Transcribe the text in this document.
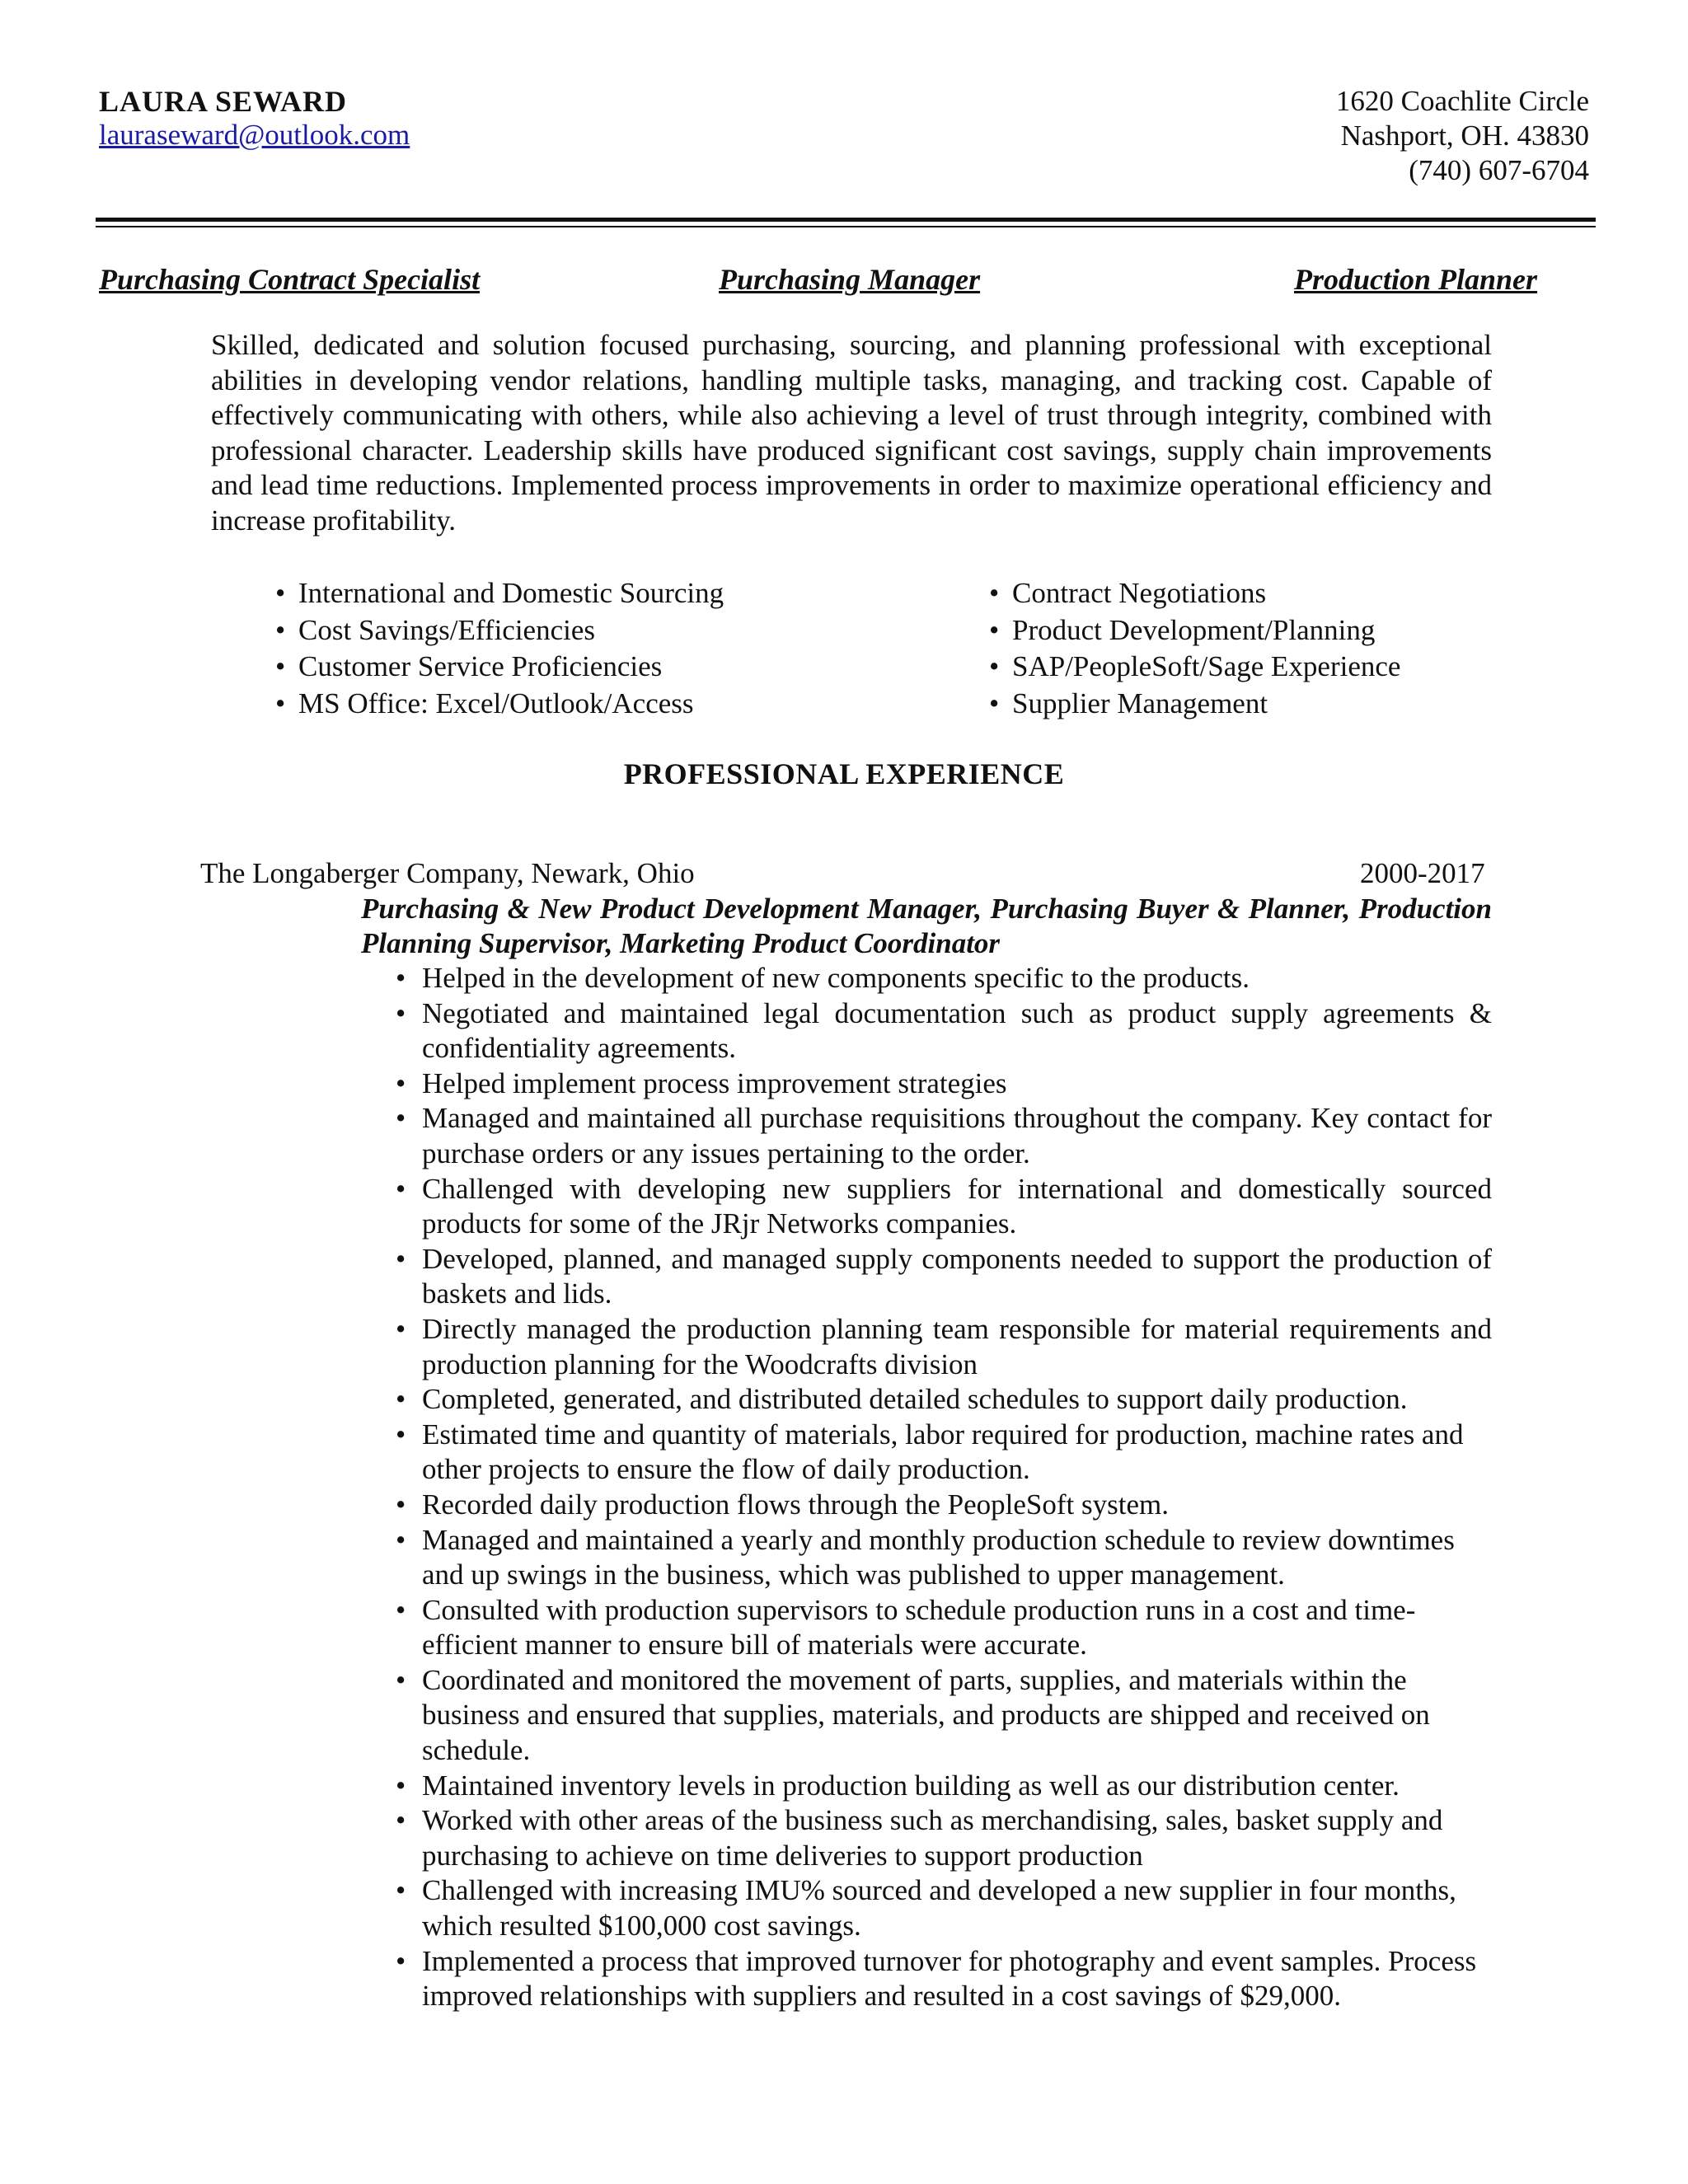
LAURA SEWARD
lauraseward@outlook.com
1620 Coachlite Circle
Nashport, OH. 43830
(740) 607-6704
Purchasing Contract Specialist	Purchasing Manager	Production Planner
Skilled, dedicated and solution focused purchasing, sourcing, and planning professional with exceptional abilities in developing vendor relations, handling multiple tasks, managing, and tracking cost. Capable of effectively communicating with others, while also achieving a level of trust through integrity, combined with professional character. Leadership skills have produced significant cost savings, supply chain improvements and lead time reductions. Implemented process improvements in order to maximize operational efficiency and increase profitability.
• International and Domestic Sourcing
• Cost Savings/Efficiencies
• Customer Service Proficiencies
• MS Office: Excel/Outlook/Access
• Contract Negotiations
• Product Development/Planning
• SAP/PeopleSoft/Sage Experience
• Supplier Management
PROFESSIONAL EXPERIENCE
The Longaberger Company, Newark, Ohio	2000-2017
Purchasing & New Product Development Manager, Purchasing Buyer & Planner, Production Planning Supervisor, Marketing Product Coordinator
• Helped in the development of new components specific to the products.
• Negotiated and maintained legal documentation such as product supply agreements & confidentiality agreements.
• Helped implement process improvement strategies
• Managed and maintained all purchase requisitions throughout the company. Key contact for purchase orders or any issues pertaining to the order.
• Challenged with developing new suppliers for international and domestically sourced products for some of the JRjr Networks companies.
• Developed, planned, and managed supply components needed to support the production of baskets and lids.
• Directly managed the production planning team responsible for material requirements and production planning for the Woodcrafts division
• Completed, generated, and distributed detailed schedules to support daily production.
• Estimated time and quantity of materials, labor required for production, machine rates and other projects to ensure the flow of daily production.
• Recorded daily production flows through the PeopleSoft system.
• Managed and maintained a yearly and monthly production schedule to review downtimes and up swings in the business, which was published to upper management.
• Consulted with production supervisors to schedule production runs in a cost and time-efficient manner to ensure bill of materials were accurate.
• Coordinated and monitored the movement of parts, supplies, and materials within the business and ensured that supplies, materials, and products are shipped and received on schedule.
• Maintained inventory levels in production building as well as our distribution center.
• Worked with other areas of the business such as merchandising, sales, basket supply and purchasing to achieve on time deliveries to support production
• Challenged with increasing IMU% sourced and developed a new supplier in four months, which resulted $100,000 cost savings.
• Implemented a process that improved turnover for photography and event samples. Process improved relationships with suppliers and resulted in a cost savings of $29,000.
